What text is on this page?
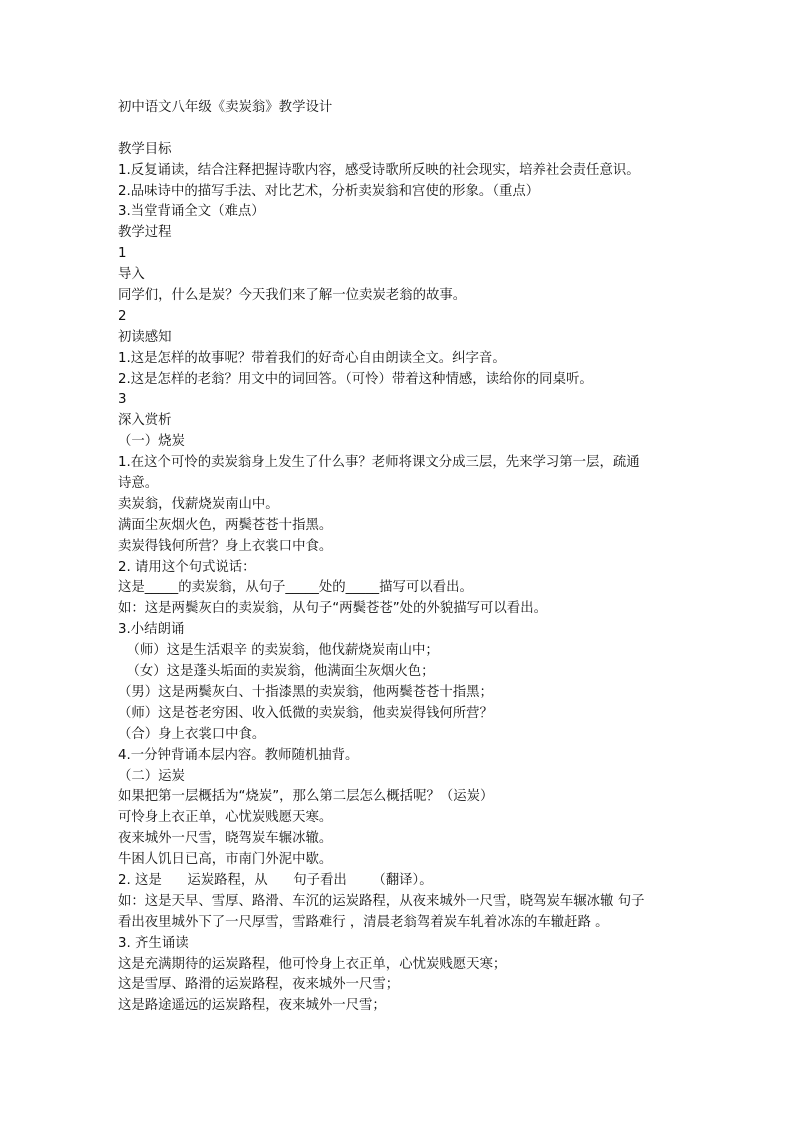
初中语文八年级《卖炭翁》教学设计
教学目标
1.反复诵读，结合注释把握诗歌内容，感受诗歌所反映的社会现实，培养社会责任意识。
2.品味诗中的描写手法、对比艺术，分析卖炭翁和宫使的形象。（重点）
3.当堂背诵全文（难点）
教学过程
1
导入
同学们，什么是炭？今天我们来了解一位卖炭老翁的故事。
2
初读感知
1.这是怎样的故事呢？带着我们的好奇心自由朗读全文。纠字音。
2.这是怎样的老翁？用文中的词回答。（可怜）带着这种情感，读给你的同桌听。
3
深入赏析
（一）烧炭
1.在这个可怜的卖炭翁身上发生了什么事？老师将课文分成三层，先来学习第一层，疏通
诗意。
卖炭翁，伐薪烧炭南山中。
满面尘灰烟火色，两鬓苍苍十指黑。
卖炭得钱何所营？身上衣裳口中食。
2. 请用这个句式说话：
这是_____的卖炭翁，从句子_____处的_____描写可以看出。
如：这是两鬓灰白的卖炭翁，从句子“两鬓苍苍”处的外貌描写可以看出。
3.小结朗诵
（师）这是生活艰辛 的卖炭翁，他伐薪烧炭南山中；
（女）这是蓬头垢面的卖炭翁，他满面尘灰烟火色；
（男）这是两鬓灰白、十指漆黑的卖炭翁，他两鬓苍苍十指黑；
（师）这是苍老穷困、收入低微的卖炭翁，他卖炭得钱何所营？
（合）身上衣裳口中食。
4.一分钟背诵本层内容。教师随机抽背。
（二）运炭
如果把第一层概括为“烧炭”，那么第二层怎么概括呢？（运炭）
可怜身上衣正单，心忧炭贱愿天寒。
夜来城外一尺雪，晓驾炭车辗冰辙。
牛困人饥日已高，市南门外泥中歇。
2. 这是      运炭路程，从      句子看出      （翻译）。
如：这是天早、雪厚、路滑、车沉的运炭路程，从夜来城外一尺雪，晓驾炭车辗冰辙 句子
看出夜里城外下了一尺厚雪，雪路难行 ，清晨老翁驾着炭车轧着冰冻的车辙赶路 。
3. 齐生诵读
这是充满期待的运炭路程，他可怜身上衣正单，心忧炭贱愿天寒；
这是雪厚、路滑的运炭路程，夜来城外一尺雪；
这是路途遥远的运炭路程，夜来城外一尺雪；
